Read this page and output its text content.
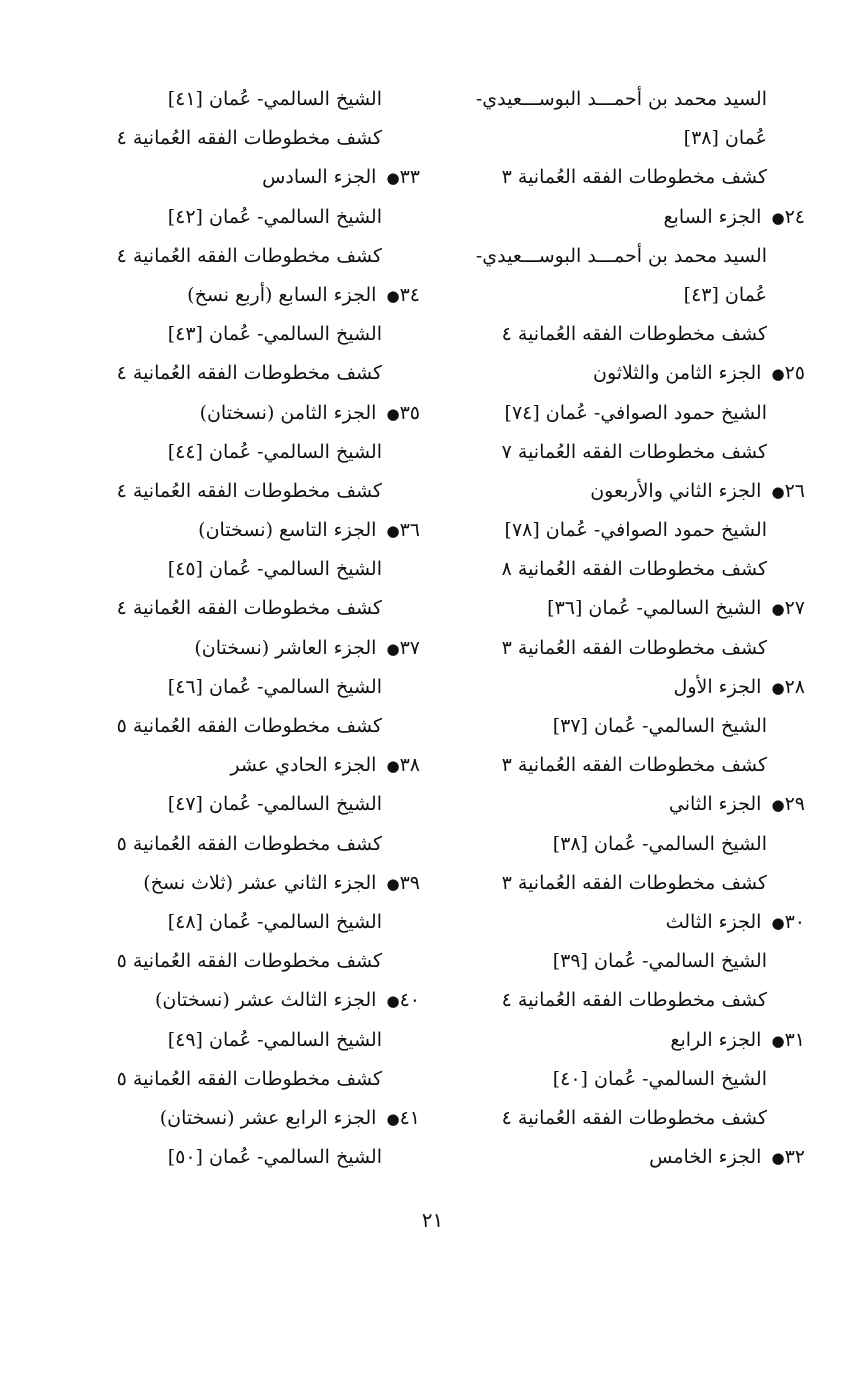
السيد محمد بن أحمـــد البوســـعيدي-
عُمان [٣٨]
كشف مخطوطات الفقه العُمانية ٣
٢٤● الجزء السابع
السيد محمد بن أحمـــد البوســـعيدي-
عُمان [٤٣]
كشف مخطوطات الفقه العُمانية ٤
٢٥● الجزء الثامن والثلاثون
الشيخ حمود الصوافي- عُمان [٧٤]
كشف مخطوطات الفقه العُمانية ٧
٢٦● الجزء الثاني والأربعون
الشيخ حمود الصوافي- عُمان [٧٨]
كشف مخطوطات الفقه العُمانية ٨
٢٧● الشيخ السالمي- عُمان [٣٦]
كشف مخطوطات الفقه العُمانية ٣
٢٨● الجزء الأول
الشيخ السالمي- عُمان [٣٧]
كشف مخطوطات الفقه العُمانية ٣
٢٩● الجزء الثاني
الشيخ السالمي- عُمان [٣٨]
كشف مخطوطات الفقه العُمانية ٣
٣٠● الجزء الثالث
الشيخ السالمي- عُمان [٣٩]
كشف مخطوطات الفقه العُمانية ٤
٣١● الجزء الرابع
الشيخ السالمي- عُمان [٤٠]
كشف مخطوطات الفقه العُمانية ٤
٣٢● الجزء الخامس
الشيخ السالمي- عُمان [٤١]
كشف مخطوطات الفقه العُمانية ٤
٣٣● الجزء السادس
الشيخ السالمي- عُمان [٤٢]
كشف مخطوطات الفقه العُمانية ٤
٣٤● الجزء السابع (أربع نسخ)
الشيخ السالمي- عُمان [٤٣]
كشف مخطوطات الفقه العُمانية ٤
٣٥● الجزء الثامن (نسختان)
الشيخ السالمي- عُمان [٤٤]
كشف مخطوطات الفقه العُمانية ٤
٣٦● الجزء التاسع (نسختان)
الشيخ السالمي- عُمان [٤٥]
كشف مخطوطات الفقه العُمانية ٤
٣٧● الجزء العاشر (نسختان)
الشيخ السالمي- عُمان [٤٦]
كشف مخطوطات الفقه العُمانية ٥
٣٨● الجزء الحادي عشر
الشيخ السالمي- عُمان [٤٧]
كشف مخطوطات الفقه العُمانية ٥
٣٩● الجزء الثاني عشر (ثلاث نسخ)
الشيخ السالمي- عُمان [٤٨]
كشف مخطوطات الفقه العُمانية ٥
٤٠● الجزء الثالث عشر (نسختان)
الشيخ السالمي- عُمان [٤٩]
كشف مخطوطات الفقه العُمانية ٥
٤١● الجزء الرابع عشر (نسختان)
الشيخ السالمي- عُمان [٥٠]
٢١
